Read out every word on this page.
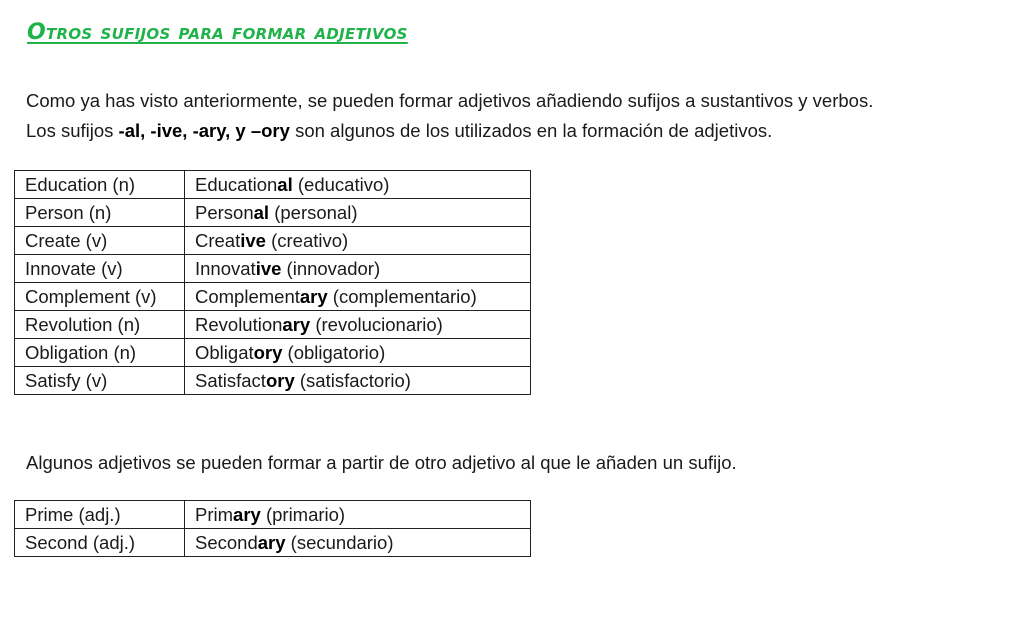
Otros sufijos para formar adjetivos
Como ya has visto anteriormente, se pueden formar adjetivos añadiendo sufijos a sustantivos y verbos.
Los sufijos -al, -ive, -ary, y –ory son algunos de los utilizados en la formación de adjetivos.
Education (n)	Educational (educativo)
Person (n)	Personal (personal)
Create (v)	Creative (creativo)
Innovate (v)	Innovative (innovador)
Complement (v)	Complementary (complementario)
Revolution (n)	Revolutionary (revolucionario)
Obligation (n)	Obligatory (obligatorio)
Satisfy (v)	Satisfactory (satisfactorio)
Algunos adjetivos se pueden formar a partir de otro adjetivo al que le añaden un sufijo.
Prime (adj.)	Primary (primario)
Second (adj.)	Secondary (secundario)
